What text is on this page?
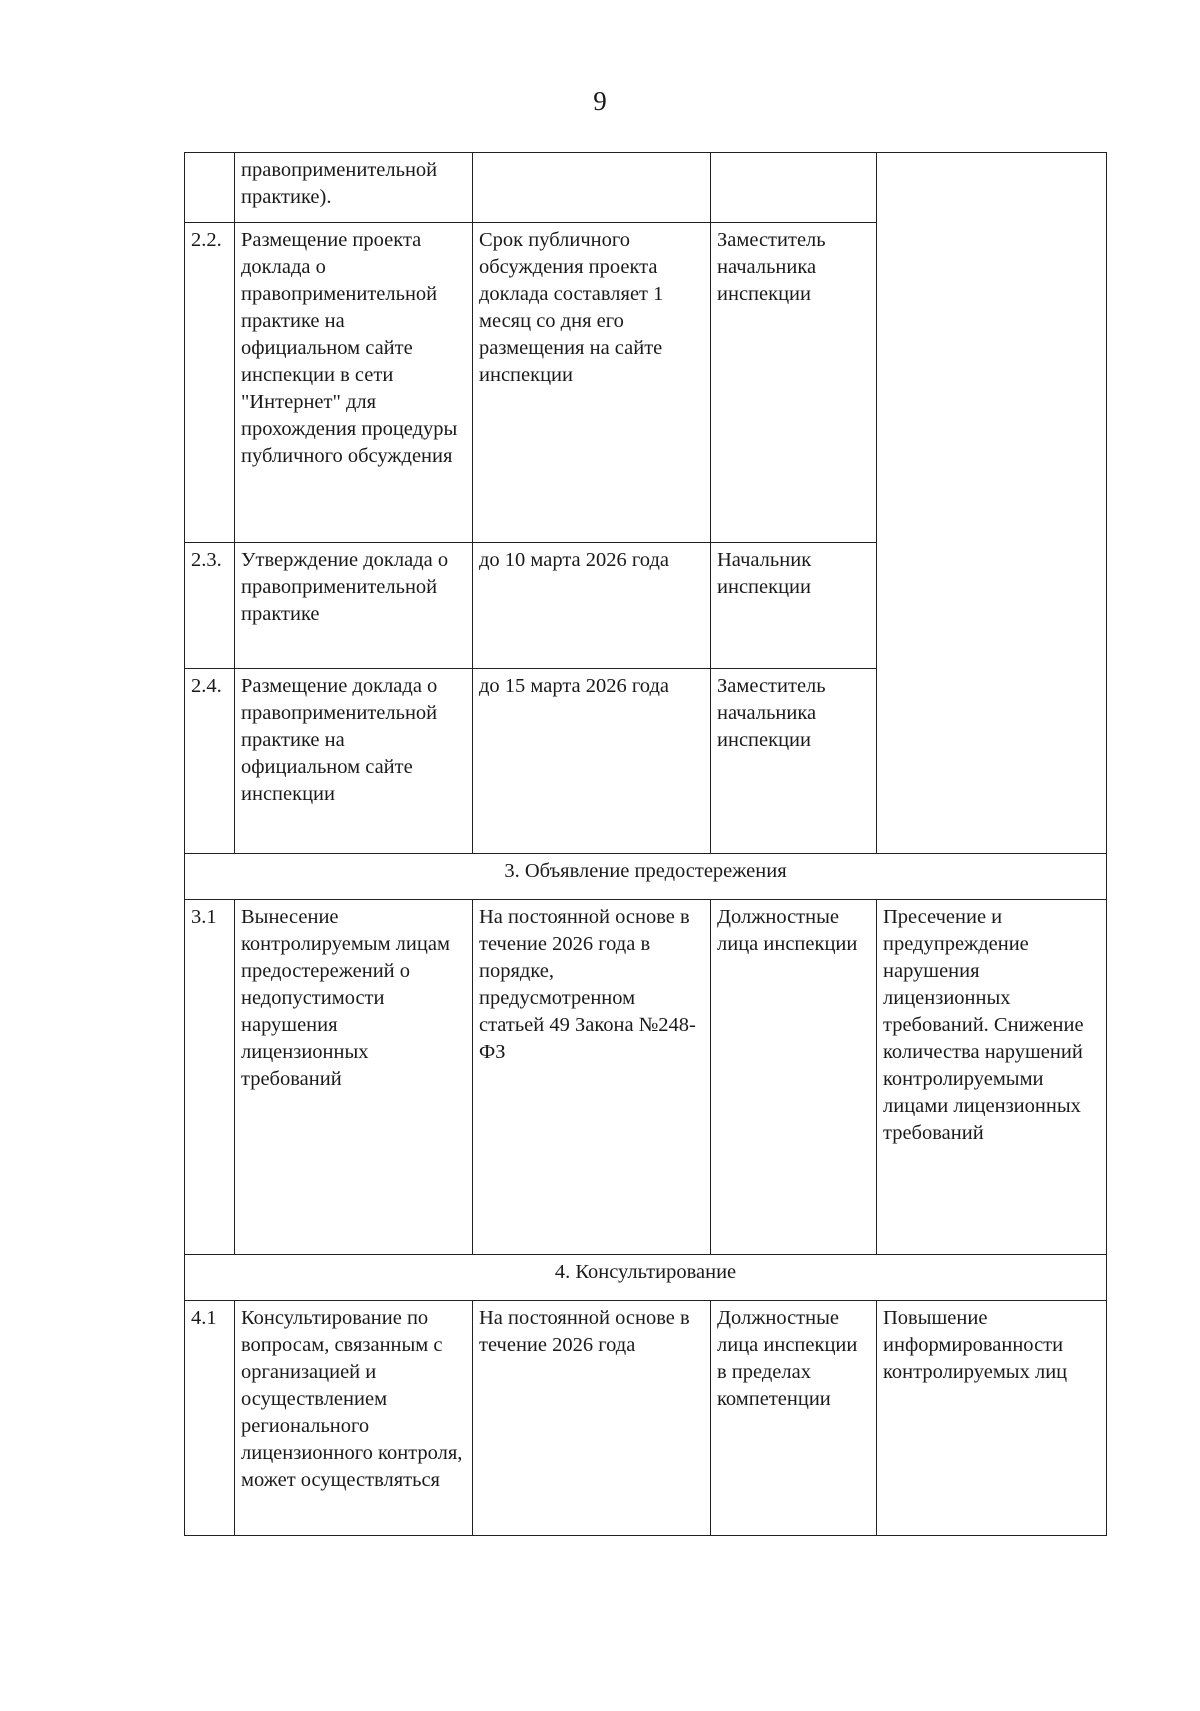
9
	правоприменительной практике).			
2.2.	Размещение проекта доклада о правоприменительной практике на официальном сайте инспекции в сети "Интернет" для прохождения процедуры публичного обсуждения	Срок публичного обсуждения проекта доклада составляет 1 месяц со дня его размещения на сайте инспекции	Заместитель начальника инспекции	
2.3.	Утверждение доклада о правоприменительной практике	до 10 марта 2026 года	Начальник инспекции	
2.4.	Размещение доклада о правоприменительной практике на официальном сайте инспекции	до 15 марта 2026 года	Заместитель начальника инспекции	
3. Объявление предостережения				
3.1	Вынесение контролируемым лицам предостережений о недопустимости нарушения лицензионных требований	На постоянной основе в течение 2026 года в порядке, предусмотренном статьей 49 Закона №248-ФЗ	Должностные лица инспекции	Пресечение и предупреждение нарушения лицензионных требований. Снижение количества нарушений контролируемыми лицами лицензионных требований
4. Консультирование				
4.1	Консультирование по вопросам, связанным с организацией и осуществлением регионального лицензионного контроля, может осуществляться	На постоянной основе в течение 2026 года	Должностные лица инспекции в пределах компетенции	Повышение информированности контролируемых лиц
